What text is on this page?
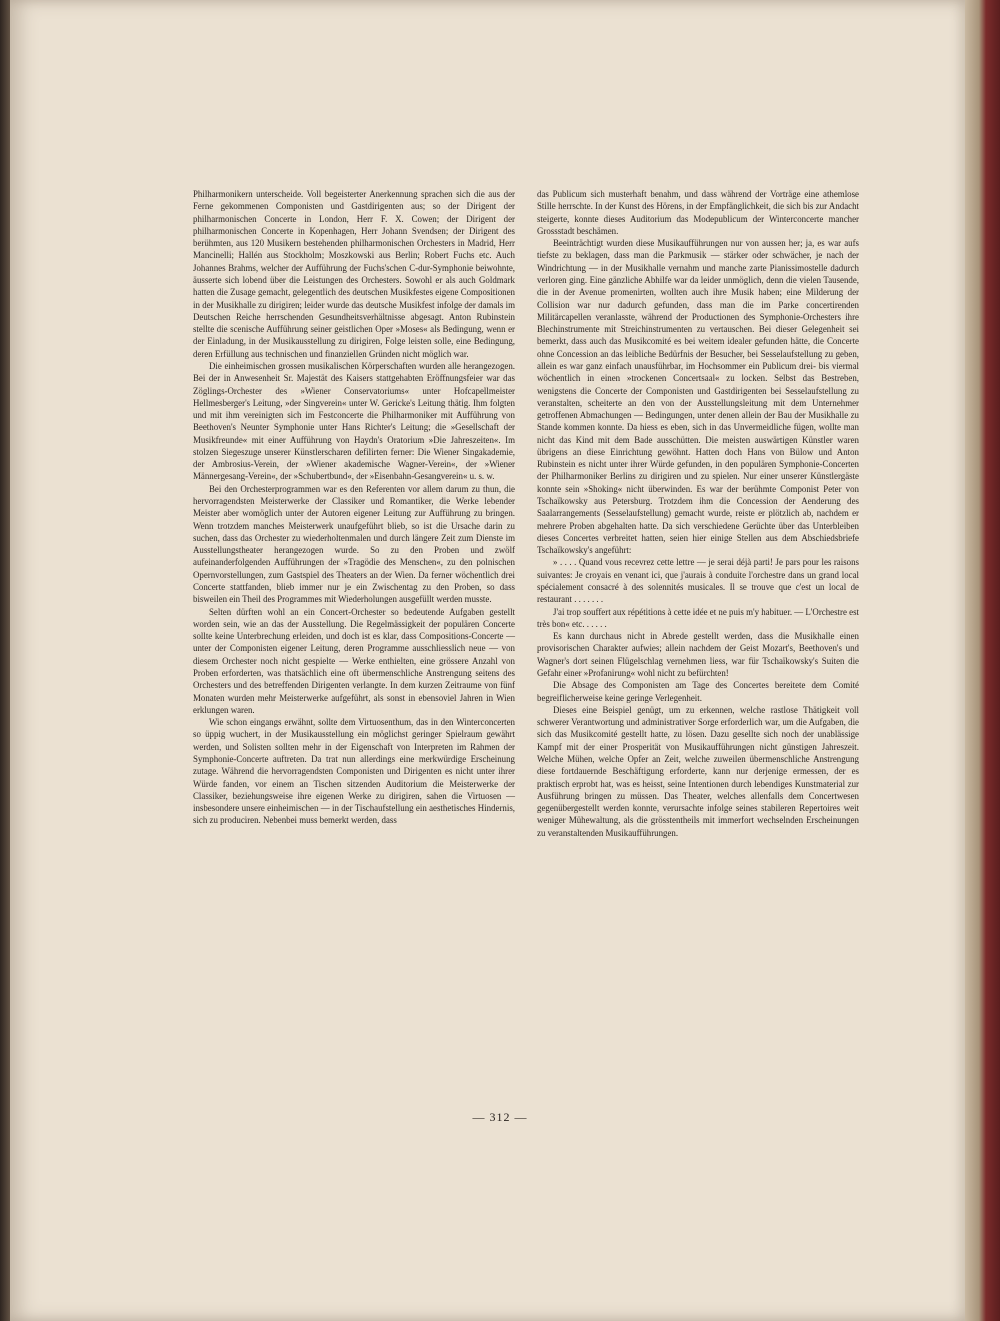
Philharmonikern unterscheide. Voll begeisterter Anerkennung sprachen sich die aus der Ferne gekommenen Componisten und Gastdirigenten aus; so der Dirigent der philharmonischen Concerte in London, Herr F. X. Cowen; der Dirigent der philharmonischen Concerte in Kopenhagen, Herr Johann Svendsen; der Dirigent des berühmten, aus 120 Musikern bestehenden philharmonischen Orchesters in Madrid, Herr Mancinelli; Hallén aus Stockholm; Moszkowski aus Berlin; Robert Fuchs etc. Auch Johannes Brahms, welcher der Aufführung der Fuchs'schen C-dur-Symphonie beiwohnte, äusserte sich lobend über die Leistungen des Orchesters. Sowohl er als auch Goldmark hatten die Zusage gemacht, gelegentlich des deutschen Musikfestes eigene Compositionen in der Musikhalle zu dirigiren; leider wurde das deutsche Musikfest infolge der damals im Deutschen Reiche herrschenden Gesundheitsverhältnisse abgesagt. Anton Rubinstein stellte die scenische Aufführung seiner geistlichen Oper »Moses« als Bedingung, wenn er der Einladung, in der Musikausstellung zu dirigiren, Folge leisten solle, eine Bedingung, deren Erfüllung aus technischen und finanziellen Gründen nicht möglich war.

Die einheimischen grossen musikalischen Körperschaften wurden alle herangezogen. Bei der in Anwesenheit Sr. Majestät des Kaisers stattgehabten Eröffnungsfeier war das Zöglings-Orchester des »Wiener Conservatoriums« unter Hofcapellmeister Hellmesberger's Leitung, »der Singverein« unter W. Gericke's Leitung thätig. Ihm folgten und mit ihm vereinigten sich im Festconcerte die Philharmoniker mit Aufführung von Beethoven's Neunter Symphonie unter Hans Richter's Leitung; die »Gesellschaft der Musikfreunde« mit einer Aufführung von Haydn's Oratorium »Die Jahreszeiten«. Im stolzen Siegeszuge unserer Künstlerscharen defilirten ferner: Die Wiener Singakademie, der Ambrosius-Verein, der »Wiener akademische Wagner-Verein«, der »Wiener Männergesang-Verein«, der »Schubertbund«, der »Eisenbahn-Gesangverein« u. s. w.

Bei den Orchesterprogrammen war es den Referenten vor allem darum zu thun, die hervorragendsten Meisterwerke der Classiker und Romantiker, die Werke lebender Meister aber womöglich unter der Autoren eigener Leitung zur Aufführung zu bringen. Wenn trotzdem manches Meisterwerk unaufgeführt blieb, so ist die Ursache darin zu suchen, dass das Orchester zu wiederholtenmalen und durch längere Zeit zum Dienste im Ausstellungstheater herangezogen wurde. So zu den Proben und zwölf aufeinanderfolgenden Aufführungen der »Tragödie des Menschen«, zu den polnischen Opernvorstellungen, zum Gastspiel des Theaters an der Wien. Da ferner wöchentlich drei Concerte stattfanden, blieb immer nur je ein Zwischentag zu den Proben, so dass bisweilen ein Theil des Programmes mit Wiederholungen ausgefüllt werden musste.

Selten dürften wohl an ein Concert-Orchester so bedeutende Aufgaben gestellt worden sein, wie an das der Ausstellung. Die Regelmässigkeit der populären Concerte sollte keine Unterbrechung erleiden, und doch ist es klar, dass Compositions-Concerte — unter der Componisten eigener Leitung, deren Programme ausschliesslich neue — von diesem Orchester noch nicht gespielte — Werke enthielten, eine grössere Anzahl von Proben erforderten, was thatsächlich eine oft übermenschliche Anstrengung seitens des Orchesters und des betreffenden Dirigenten verlangte. In dem kurzen Zeitraume von fünf Monaten wurden mehr Meisterwerke aufgeführt, als sonst in ebensoviel Jahren in Wien erklungen waren.

Wie schon eingangs erwähnt, sollte dem Virtuosenthum, das in den Winterconcerten so üppig wuchert, in der Musikausstellung ein möglichst geringer Spielraum gewährt werden, und Solisten sollten mehr in der Eigenschaft von Interpreten im Rahmen der Symphonie-Concerte auftreten. Da trat nun allerdings eine merkwürdige Erscheinung zutage. Während die hervorragendsten Componisten und Dirigenten es nicht unter ihrer Würde fanden, vor einem an Tischen sitzenden Auditorium die Meisterwerke der Classiker, beziehungsweise ihre eigenen Werke zu dirigiren, sahen die Virtuosen — insbesondere unsere einheimischen — in der Tischaufstellung ein aesthetisches Hindernis, sich zu produciren. Nebenbei muss bemerkt werden, dass

das Publicum sich musterhaft benahm, und dass während der Vorträge eine athemlose Stille herrschte. In der Kunst des Hörens, in der Empfänglichkeit, die sich bis zur Andacht steigerte, konnte dieses Auditorium das Modepublicum der Winterconcerte mancher Grossstadt beschämen.

Beeinträchtigt wurden diese Musikaufführungen nur von aussen her; ja, es war aufs tiefste zu beklagen, dass man die Parkmusik — stärker oder schwächer, je nach der Windrichtung — in der Musikhalle vernahm und manche zarte Pianissimostelle dadurch verloren ging. Eine gänzliche Abhilfe war da leider unmöglich, denn die vielen Tausende, die in der Avenue promenirten, wollten auch ihre Musik haben; eine Milderung der Collision war nur dadurch gefunden, dass man die im Parke concertirenden Militärcapellen veranlasste, während der Productionen des Symphonie-Orchesters ihre Blechinstrumente mit Streichinstrumenten zu vertauschen. Bei dieser Gelegenheit sei bemerkt, dass auch das Musikcomité es bei weitem idealer gefunden hätte, die Concerte ohne Concession an das leibliche Bedürfnis der Besucher, bei Sesselaufstellung zu geben, allein es war ganz einfach unausführbar, im Hochsommer ein Publicum drei- bis viermal wöchentlich in einen »trockenen Concertsaal« zu locken. Selbst das Bestreben, wenigstens die Concerte der Componisten und Gastdirigenten bei Sesselaufstellung zu veranstalten, scheiterte an den von der Ausstellungsleitung mit dem Unternehmer getroffenen Abmachungen — Bedingungen, unter denen allein der Bau der Musikhalle zu Stande kommen konnte. Da hiess es eben, sich in das Unvermeidliche fügen, wollte man nicht das Kind mit dem Bade ausschütten. Die meisten auswärtigen Künstler waren übrigens an diese Einrichtung gewöhnt. Hatten doch Hans von Bülow und Anton Rubinstein es nicht unter ihrer Würde gefunden, in den populären Symphonie-Concerten der Philharmoniker Berlins zu dirigiren und zu spielen. Nur einer unserer Künstlergäste konnte sein »Shoking« nicht überwinden. Es war der berühmte Componist Peter von Tschaïkowsky aus Petersburg. Trotzdem ihm die Concession der Aenderung des Saalarrangements (Sesselaufstellung) gemacht wurde, reiste er plötzlich ab, nachdem er mehrere Proben abgehalten hatte. Da sich verschiedene Gerüchte über das Unterbleiben dieses Concertes verbreitet hatten, seien hier einige Stellen aus dem Abschiedsbriefe Tschaïkowsky's angeführt:

» . . . . Quand vous recevrez cette lettre — je serai déjà parti! Je pars pour les raisons suivantes: Je croyais en venant ici, que j'aurais à conduite l'orchestre dans un grand local spécialement consacré à des solennités musicales. Il se trouve que c'est un local de restaurant . . . . . . .

J'ai trop souffert aux répétitions à cette idée et ne puis m'y habituer. — L'Orchestre est très bon« etc. . . . . .

Es kann durchaus nicht in Abrede gestellt werden, dass die Musikhalle einen provisorischen Charakter aufwies; allein nachdem der Geist Mozart's, Beethoven's und Wagner's dort seinen Flügelschlag vernehmen liess, war für Tschaïkowsky's Suiten die Gefahr einer »Profanirung« wohl nicht zu befürchten!

Die Absage des Componisten am Tage des Concertes bereitete dem Comité begreiflicherweise keine geringe Verlegenheit.

Dieses eine Beispiel genügt, um zu erkennen, welche rastlose Thätigkeit voll schwerer Verantwortung und administrativer Sorge erforderlich war, um die Aufgaben, die sich das Musikcomité gestellt hatte, zu lösen. Dazu gesellte sich noch der unablässige Kampf mit der einer Prosperität von Musikaufführungen nicht günstigen Jahreszeit. Welche Mühen, welche Opfer an Zeit, welche zuweilen übermenschliche Anstrengung diese fortdauernde Beschäftigung erforderte, kann nur derjenige ermessen, der es praktisch erprobt hat, was es heisst, seine Intentionen durch lebendiges Kunstmaterial zur Ausführung bringen zu müssen. Das Theater, welches allenfalls dem Concertwesen gegenübergestellt werden konnte, verursachte infolge seines stabileren Repertoires weit weniger Mühewaltung, als die grösstentheils mit immerfort wechselnden Erscheinungen zu veranstaltenden Musikaufführungen.

— 312 —
